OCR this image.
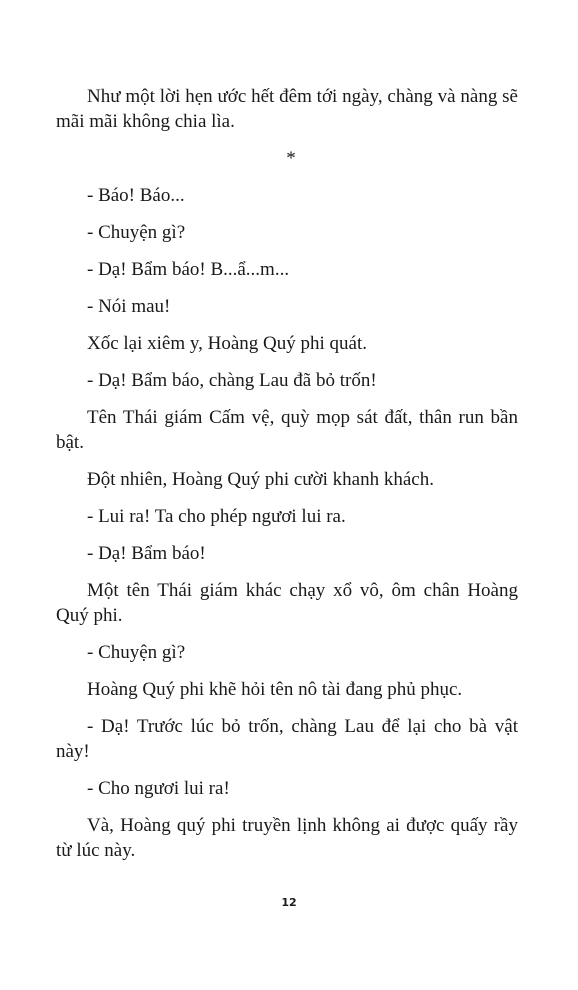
Như một lời hẹn ước hết đêm tới ngày, chàng và nàng sẽ mãi mãi không chia lìa.

*

- Báo! Báo...

- Chuyện gì?

- Dạ! Bẩm báo! B...ẩ...m...

- Nói mau!

Xốc lại xiêm y, Hoàng Quý phi quát.

- Dạ! Bẩm báo, chàng Lau đã bỏ trốn!

Tên Thái giám Cấm vệ, quỳ mọp sát đất, thân run bần bật.

Đột nhiên, Hoàng Quý phi cười khanh khách.

- Lui ra! Ta cho phép ngươi lui ra.

- Dạ! Bẩm báo!

Một tên Thái giám khác chạy xổ vô, ôm chân Hoàng Quý phi.

- Chuyện gì?

Hoàng Quý phi khẽ hỏi tên nô tài đang phủ phục.

- Dạ! Trước lúc bỏ trốn, chàng Lau để lại cho bà vật này!

- Cho ngươi lui ra!

Và, Hoàng quý phi truyền lịnh không ai được quấy rầy từ lúc này.

12
